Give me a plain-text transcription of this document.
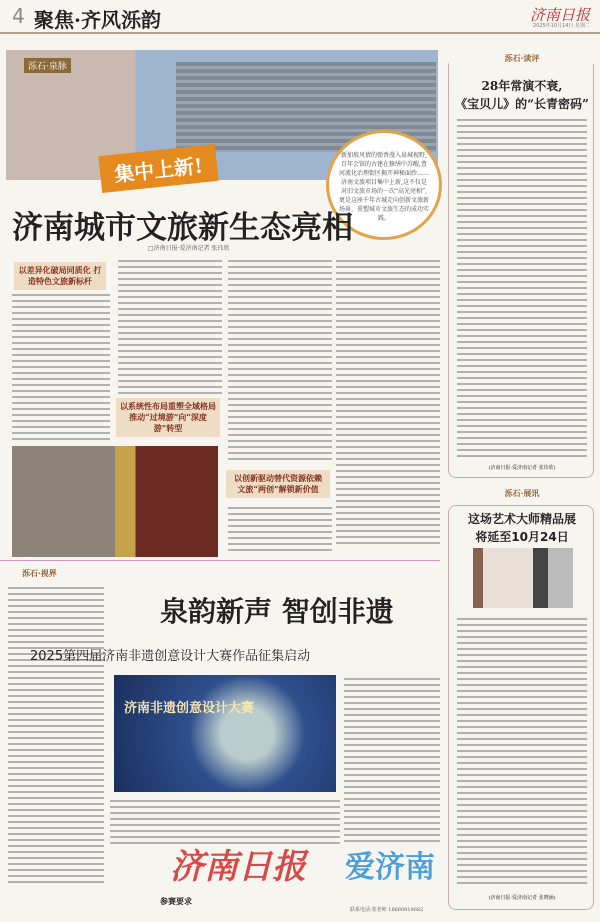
4 聚焦·齐风泺韵	济南日报
2025年10月14日 星期二
泺石·泉脉
集中上新!	新加坡风情的弹香漫入泉城视野,百年会馆的古建在修缮中苏醒,曹河流化治理街区揭开神秘面纱……济南文旅项目集中上新,这不仅是对旧文旅市场的一次“高光亮相”,更是这座千年古城走向创新文旅新场景、重塑城市文旅生态的成功实践。
济南城市文旅新生态亮相
□济南日报·爱济南记者 张玮欣
以差异化破局同质化 打造特色文旅新标杆
以系统性布局重塑全域格局 推动“过境游”向“深度游”转型
以创新驱动替代资源依赖 文旅“两创”解锁新价值
泺石·读评
28年常演不衰,
《宝贝儿》的“长青密码”
(济南日报·爱济南记者 张玮欣)
泺石·展讯
这场艺术大师精品展
将延至10月24日
(济南日报·爱济南记者 张晓涵)
泺石·视界
泉韵新声 智创非遗
2025第四届济南非遗创意设计大赛作品征集启动
济南非遗创意设计大赛
济南日报 爱济南
参赛要求
联系电话:张老师 18660819682
